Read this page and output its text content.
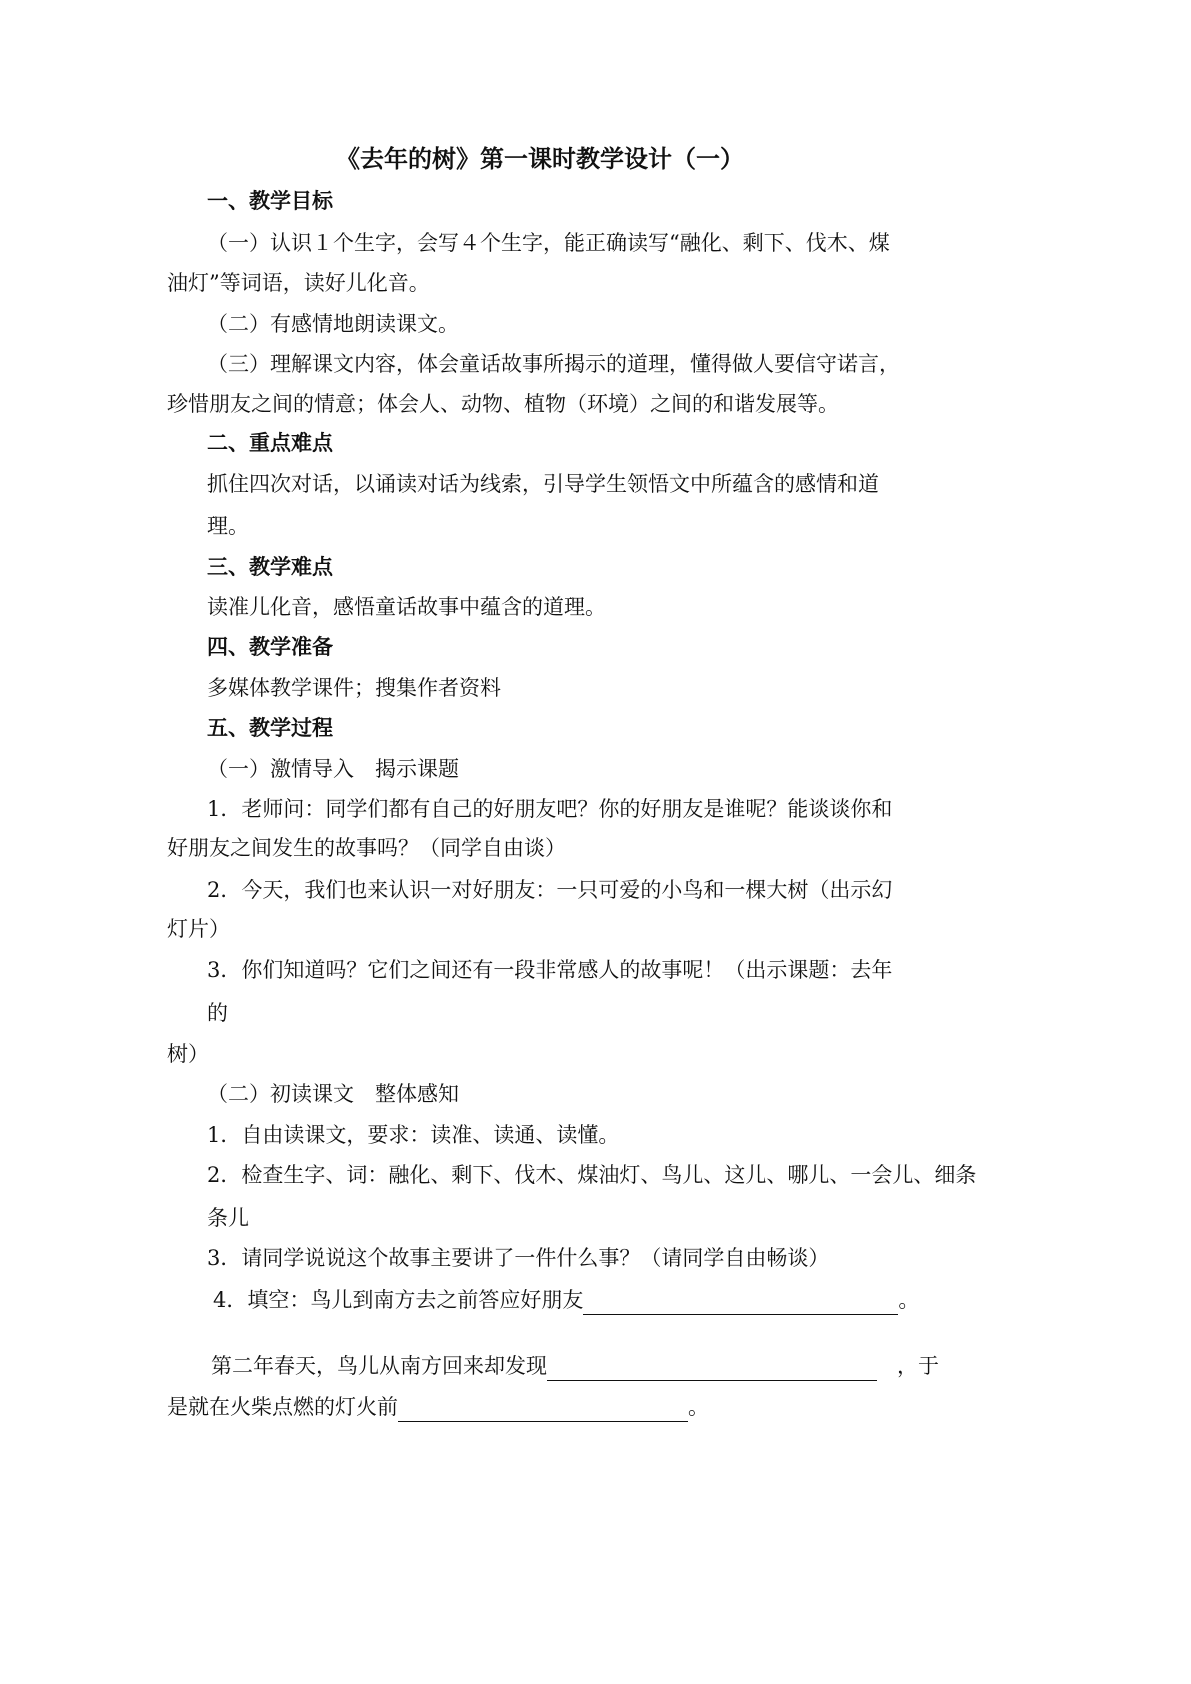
《去年的树》第一课时教学设计（一）
一、教学目标
（一）认识１个生字，会写４个生字，能正确读写“融化、剩下、伐木、煤
油灯”等词语，读好儿化音。
（二）有感情地朗读课文。
（三）理解课文内容，体会童话故事所揭示的道理，懂得做人要信守诺言，
珍惜朋友之间的情意；体会人、动物、植物（环境）之间的和谐发展等。
二、重点难点
抓住四次对话，以诵读对话为线索，引导学生领悟文中所蕴含的感情和道
理。
三、教学难点
读准儿化音，感悟童话故事中蕴含的道理。
四、教学准备
多媒体教学课件；搜集作者资料
五、教学过程
（一）激情导入　揭示课题
1．老师问：同学们都有自己的好朋友吧？你的好朋友是谁呢？能谈谈你和
好朋友之间发生的故事吗？（同学自由谈）
2．今天，我们也来认识一对好朋友：一只可爱的小鸟和一棵大树（出示幻
灯片）
3．你们知道吗？它们之间还有一段非常感人的故事呢！（出示课题：去年
的
树）
（二）初读课文　整体感知
1．自由读课文，要求：读准、读通、读懂。
2．检查生字、词：融化、剩下、伐木、煤油灯、鸟儿、这儿、哪儿、一会儿、细条
条儿
3．请同学说说这个故事主要讲了一件什么事？（请同学自由畅谈）
4．填空：鸟儿到南方去之前答应好朋友	。
第二年春天，鸟儿从南方回来却发现	，于
是就在火柴点燃的灯火前	。
